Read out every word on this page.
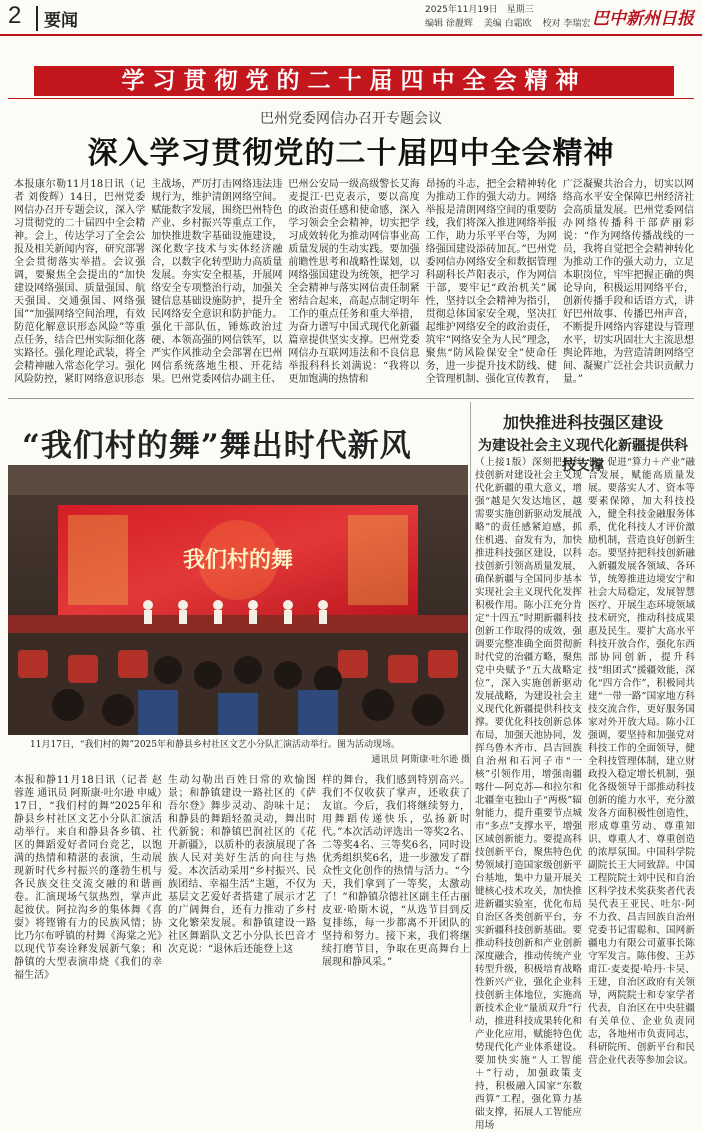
2	要闻
2025年11月19日　星期三
编辑 徐靓辉 美编 白霜欧 校对 李瑞宏 巴中新州日报
学习贯彻党的二十届四中全会精神
巴州党委网信办召开专题会议
深入学习贯彻党的二十届四中全会精神
本报康尔勒11月18日讯（记者 刘俊辉）14日，巴州党委网信办召开专题会议，深入学习贯彻党的二十届四中全会精神。会上，传达学习了全会公报及相关新闻内容，研究部署全会贯彻落实举措。会议强调，要聚焦全会提出的“加快建设网络强国、质量强国、航天强国、交通强国、网络强国”“加强网络空间治理，有效防范化解意识形态风险”等重点任务，结合巴州实际细化落实路径。强化理论武装，将全会精神融入常态化学习。强化风险防控，紧盯网络意识形态
主战场，严厉打击网络违法违规行为，维护清朗网络空间。赋能数字发展，围绕巴州特色产业、乡村振兴等重点工作，加快推进数字基础设施建设，深化数字技术与实体经济融合，以数字化转型助力高质量发展。夯实安全根基，开展网络安全专项整治行动，加强关键信息基础设施防护，提升全民网络安全意识和防护能力。强化干部队伍，锤炼政治过硬、本领高强的网信铁军，以严实作风推动全会部署在巴州网信系统落地生根、开花结果。巴州党委网信办副主任、
巴州公安局一级高级警长艾海麦提江·巴克表示，要以高度的政治责任感和使命感，深入学习领会全会精神，切实把学习成效转化为推动网信事业高质量发展的生动实践。要加强前瞻性思考和战略性谋划，以网络强国建设为统领，把学习全会精神与落实网信责任制紧密结合起来，高起点制定明年工作的重点任务和重大举措，为奋力谱写中国式现代化新疆篇章提供坚实支撑。巴州党委网信办互联网违法和不良信息举报科科长刘满说：“我将以更加饱满的热情和
昂扬的斗志，把全会精神转化为推动工作的强大动力。网络举报是清朗网络空间的重要防线，我们将深入推进网络举报工作，助力乐平平台等，为网络强国建设添砖加瓦。”巴州党委网信办网络安全和数据管理科副科长芦阳表示，作为网信干部，要牢记“政治机关”属性，坚持以全会精神为指引，贯彻总体国家安全观，坚决扛起维护网络安全的政治责任，筑牢“网络安全为人民”理念，聚焦“防风险保安全”使命任务，进一步提升技术防线、健全管理机制、强化宣传教育，
广泛凝聚共治合力，切实以网络高水平安全保障巴州经济社会高质量发展。巴州党委网信办网络传播科干部萨丽彩说：“作为网络传播战线的一员，我将自觉把全会精神转化为推动工作的强大动力，立足本职岗位，牢牢把握正确的舆论导向，积极运用网络平台，创新传播手段和话语方式，讲好巴州故事、传播巴州声音，不断提升网络内容建设与管理水平，切实巩固壮大主流思想舆论阵地，为营造清朗网络空间、凝聚广泛社会共识贡献力量。”
“我们村的舞”舞出时代新风
我们村的舞
11月17日，“我们村的舞”2025年和静县乡村社区文艺小分队汇演活动举行。图为活动现场。
通讯员 阿斯康·吐尔逊 摄
本报和静11月18日讯（记者 赵蓉莲 通讯员 阿斯康·吐尔逊 申威）17日，“我们村的舞”2025年和静县乡村社区文艺小分队汇演活动举行。来自和静县各乡镇、社区的舞蹈爱好者同台竞艺，以饱满的热情和精湛的表演，生动展现新时代乡村振兴的蓬勃生机与各民族交往交流交融的和谐画卷。汇演现场气氛热烈，掌声此起彼伏。阿拉沟乡的集体舞《喜耍》将铿锵有力的民族风情；协比乃尔布呼镇的村舞《海棠之光》以现代节奏诠释发展新气象；和静镇的大型表演串烧《我们的幸福生活》
生动勾勒出百姓日常的欢愉图景；和静镇建设一路社区的《萨吾尔登》舞步灵动、韵味十足；和静县的舞蹈轻盈灵动，舞出时代新貌；和静镇巴润社区的《花开新疆》，以质朴的表演展现了各族人民对美好生活的向往与热爱。本次活动采用“乡村振兴、民族团结、幸福生活”主题，不仅为基层文艺爱好者搭建了展示才艺的广阔舞台，还有力推动了乡村文化繁荣发展。和静镇建设一路社区舞蹈队文艺小分队长巴音才次克说：“退休后还能登上这
样的舞台，我们感到特别高兴。我们不仅收获了掌声，还收获了友谊。今后，我们将继续努力，用舞蹈传递快乐，弘扬新时代。”本次活动评选出一等奖2名、二等奖4名、三等奖6名，同时设优秀组织奖6名，进一步激发了群众性文化创作的热情与活力。“今天，我们拿到了一等奖，太激动了！”和静镇尕德社区副主任古丽皮亚·哈斯木说，“从选节目到反复排练，每一步都离不开团队的坚持和努力。接下来，我们将继续打磨节目，争取在更高舞台上展现和静风采。”
加快推进科技强区建设
为建设社会主义现代化新疆提供科技支撑
（上接1版）深刻把握科技创新对建设社会主义现代化新疆的重大意义，增强“越是欠发达地区，越需要实施创新驱动发展战略”的责任感紧迫感，抓住机遇、奋发有为，加快推进科技强区建设，以科技创新引领高质量发展，确保新疆与全国同步基本实现社会主义现代化发挥积极作用。陈小江充分肯定“十四五”时期新疆科技创新工作取得的成效，强调要完整准确全面贯彻新时代党的治疆方略，聚焦党中央赋予“五大战略定位”，深入实施创新驱动发展战略，为建设社会主义现代化新疆提供科技支撑。要优化科技创新总体布局，加强天池协同，发挥乌鲁木齐市、昌吉回族自治州和石河子市“一核”引领作用，增强南疆喀什—阿克苏—和拉尔和北疆奎屯独山子“两极”辐射能力，提升重要节点城市“多点”支撑水平，增强区域创新能力。要提高科技创新平台，聚焦特色优势领域打造国家级创新平台基地，集中力量开展关键核心技术攻关，加快推进新疆实验室，优化布局自治区各类创新平台，夯实新疆科技创新基础。要推动科技创新和产业创新深度融合，推动传统产业转型升级，积极培育战略性新兴产业，强化企业科技创新主体地位，实施高新技术企业“量质双升”行动，推进科技成果转化和产业化应用，赋能特色优势现代化产业体系建设。要加快实施“人工智能＋”行动，加强政策支持，积极融入国家“东数西算”工程，强化算力基础支撑，拓展人工智能应用场
景，促进“算力＋产业”融合发展，赋能高质量发展。要落实人才、资本等要素保障，加大科技投入，健全科技金融服务体系，优化科技人才评价激励机制，营造良好创新生态。要坚持把科技创新融入新疆发展各领域、各环节，统筹推进边境安宁和社会大局稳定，发展智慧医疗、开展生态环境领域技术研究，推动科技成果惠及民生。要扩大高水平科技开放合作，强化东西部协同创新，提升科技“组团式”援疆效能，深化“四方合作”，积极同共建“一带一路”国家地方科技交流合作，更好服务国家对外开放大局。陈小江强调，要坚持和加强党对科技工作的全面领导，健全科技管理体制，建立财政投入稳定增长机制，强化各级领导干部推动科技创新的能力水平，充分激发各方面积极性创造性，形成尊重劳动、尊重知识、尊重人才、尊重创造的浓厚氛围。中国科学院副院长王大同致辞。中国工程院院士刘中民和自治区科学技术奖获奖者代表吴代表王亚民、吐尔·阿不力孜、昌吉回族自治州党委书记雷聪和、国网新疆电力有限公司董事长陈守军发言。陈伟俊、王苏甫江·麦麦提·哈丹·卡吴、王建，自治区政府有关领导，两院院士和专家学者代表，自治区在中央驻疆有关单位、企业负责同志，各地州市负责同志，科研院所、创新平台和民营企业代表等参加会议。
